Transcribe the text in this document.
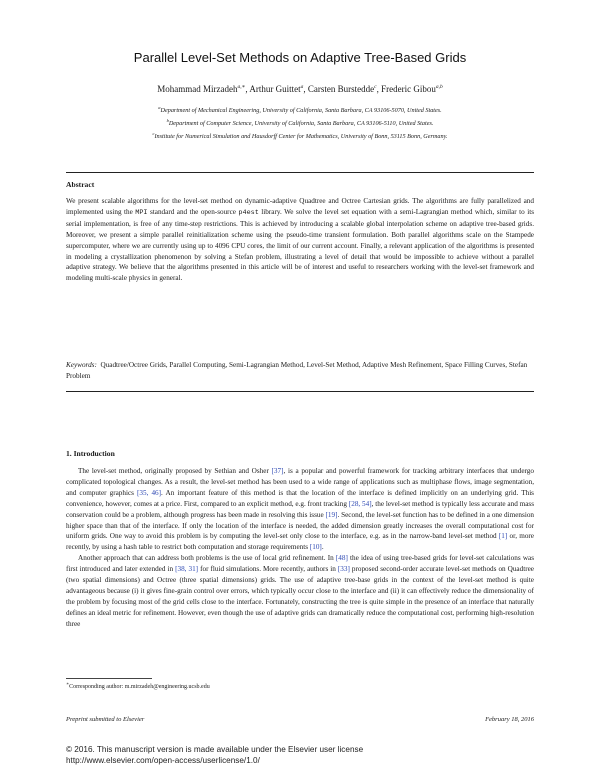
Parallel Level-Set Methods on Adaptive Tree-Based Grids
Mohammad Mirzadeh$^{a,∗}$, Arthur Guittet$^a$, Carsten Burstedde$^c$, Frederic Gibou$^{a,b}$
$^a$Department of Mechanical Engineering, University of California, Santa Barbara, CA 93106-5070, United States.
$^b$Department of Computer Science, University of California, Santa Barbara, CA 93106-5110, United States.
$^c$Institute for Numerical Simulation and Hausdorff Center for Mathematics, University of Bonn, 53115 Bonn, Germany.
Abstract
We present scalable algorithms for the level-set method on dynamic-adaptive Quadtree and Octree Cartesian grids. The algorithms are fully parallelized and implemented using the MPI standard and the open-source p4est library. We solve the level set equation with a semi-Lagrangian method which, similar to its serial implementation, is free of any time-step restrictions. This is achieved by introducing a scalable global interpolation scheme on adaptive tree-based grids. Moreover, we present a simple parallel reinitialization scheme using the pseudo-time transient formulation. Both parallel algorithms scale on the Stampede supercomputer, where we are currently using up to 4096 CPU cores, the limit of our current account. Finally, a relevant application of the algorithms is presented in modeling a crystallization phenomenon by solving a Stefan problem, illustrating a level of detail that would be impossible to achieve without a parallel adaptive strategy. We believe that the algorithms presented in this article will be of interest and useful to researchers working with the level-set framework and modeling multi-scale physics in general.
Keywords: Quadtree/Octree Grids, Parallel Computing, Semi-Lagrangian Method, Level-Set Method, Adaptive Mesh Refinement, Space Filling Curves, Stefan Problem
1. Introduction

The level-set method, originally proposed by Sethian and Osher [37], is a popular and powerful framework for tracking arbitrary interfaces that undergo complicated topological changes. As a result, the level-set method has been used to a wide range of applications such as multiphase flows, image segmentation, and computer graphics [35, 46]. An important feature of this method is that the location of the interface is defined implicitly on an underlying grid. This convenience, however, comes at a price. First, compared to an explicit method, e.g. front tracking [28, 54], the level-set method is typically less accurate and mass conservation could be a problem, although progress has been made in resolving this issue [19]. Second, the level-set function has to be defined in a one dimension higher space than that of the interface. If only the location of the interface is needed, the added dimension greatly increases the overall computational cost for uniform grids. One way to avoid this problem is by computing the level-set only close to the interface, e.g. as in the narrow-band level-set method [1] or, more recently, by using a hash table to restrict both computation and storage requirements [10].

Another approach that can address both problems is the use of local grid refinement. In [48] the idea of using tree-based grids for level-set calculations was first introduced and later extended in [38, 31] for fluid simulations. More recently, authors in [33] proposed second-order accurate level-set methods on Quadtree (two spatial dimensions) and Octree (three spatial dimensions) grids. The use of adaptive tree-base grids in the context of the level-set method is quite advantageous because (i) it gives fine-grain control over errors, which typically occur close to the interface and (ii) it can effectively reduce the dimensionality of the problem by focusing most of the grid cells close to the interface. Fortunately, constructing the tree is quite simple in the presence of an interface that naturally defines an ideal metric for refinement. However, even though the use of adaptive grids can dramatically reduce the computational cost, performing high-resolution three

∗Corresponding author: m.mirzadeh@engineering.ucsb.edu
Preprint submitted to Elsevier	February 18, 2016
© 2016. This manuscript version is made available under the Elsevier user license
http://www.elsevier.com/open-access/userlicense/1.0/
